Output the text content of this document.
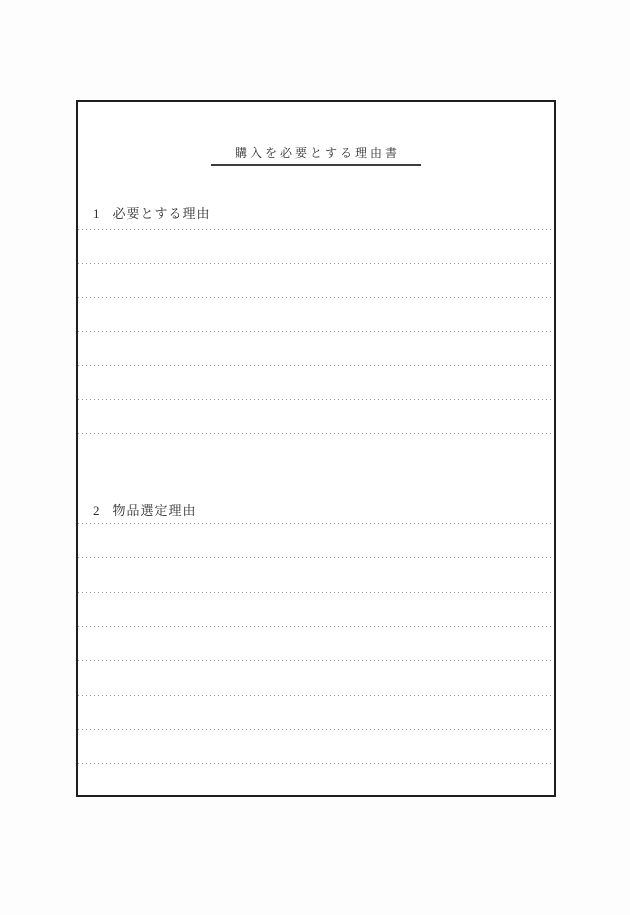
購入を必要とする理由書
1 必要とする理由
2 物品選定理由
